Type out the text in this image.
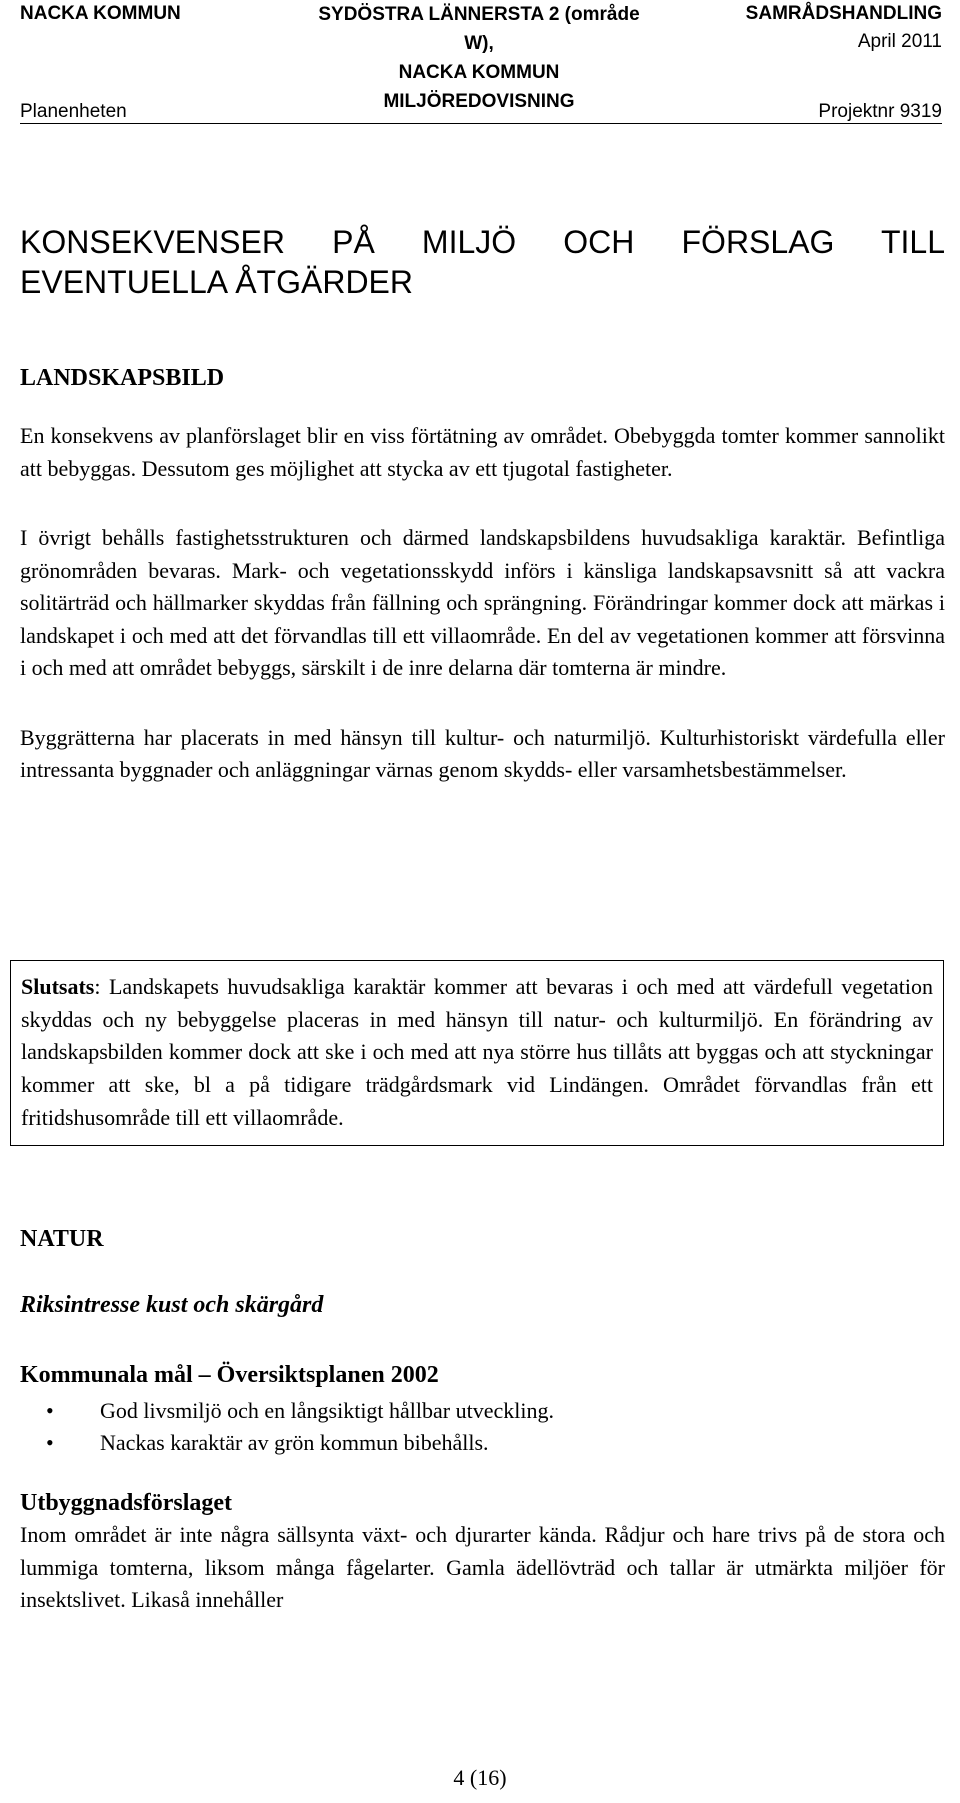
NACKA KOMMUN
Planenheten
SYDÖSTRA LÄNNERSTA 2 (område
W),
NACKA KOMMUN
MILJÖREDOVISNING
SAMRÅDSHANDLING
April 2011
Projektnr 9319
KONSEKVENSER PÅ MILJÖ OCH FÖRSLAG TILL EVENTUELLA ÅTGÄRDER
LANDSKAPSBILD

En konsekvens av planförslaget blir en viss förtätning av området. Obebyggda tomter kommer sannolikt att bebyggas. Dessutom ges möjlighet att stycka av ett tjugotal fastigheter.

I övrigt behålls fastighetsstrukturen och därmed landskapsbildens huvudsakliga karaktär. Befintliga grönområden bevaras. Mark- och vegetationsskydd införs i känsliga landskapsavsnitt så att vackra solitärträd och hällmarker skyddas från fällning och sprängning. Förändringar kommer dock att märkas i landskapet i och med att det förvandlas till ett villaområde. En del av vegetationen kommer att försvinna i och med att området bebyggs, särskilt i de inre delarna där tomterna är mindre.

Byggrätterna har placerats in med hänsyn till kultur- och naturmiljö. Kulturhistoriskt värdefulla eller intressanta byggnader och anläggningar värnas genom skydds- eller varsamhetsbestämmelser.

Slutsats: Landskapets huvudsakliga karaktär kommer att bevaras i och med att värdefull vegetation skyddas och ny bebyggelse placeras in med hänsyn till natur- och kulturmiljö. En förändring av landskapsbilden kommer dock att ske i och med att nya större hus tillåts att byggas och att styckningar kommer att ske, bl a på tidigare trädgårdsmark vid Lindängen. Området förvandlas från ett fritidshusområde till ett villaområde.

NATUR
Riksintresse kust och skärgård
Kommunala mål – Översiktsplanen 2002
• God livsmiljö och en långsiktigt hållbar utveckling.
• Nackas karaktär av grön kommun bibehålls.
Utbyggnadsförslaget

Inom området är inte några sällsynta växt- och djurarter kända. Rådjur och hare trivs på de stora och lummiga tomterna, liksom många fågelarter. Gamla ädellövträd och tallar är utmärkta miljöer för insektslivet. Likaså innehåller

4 (16)
